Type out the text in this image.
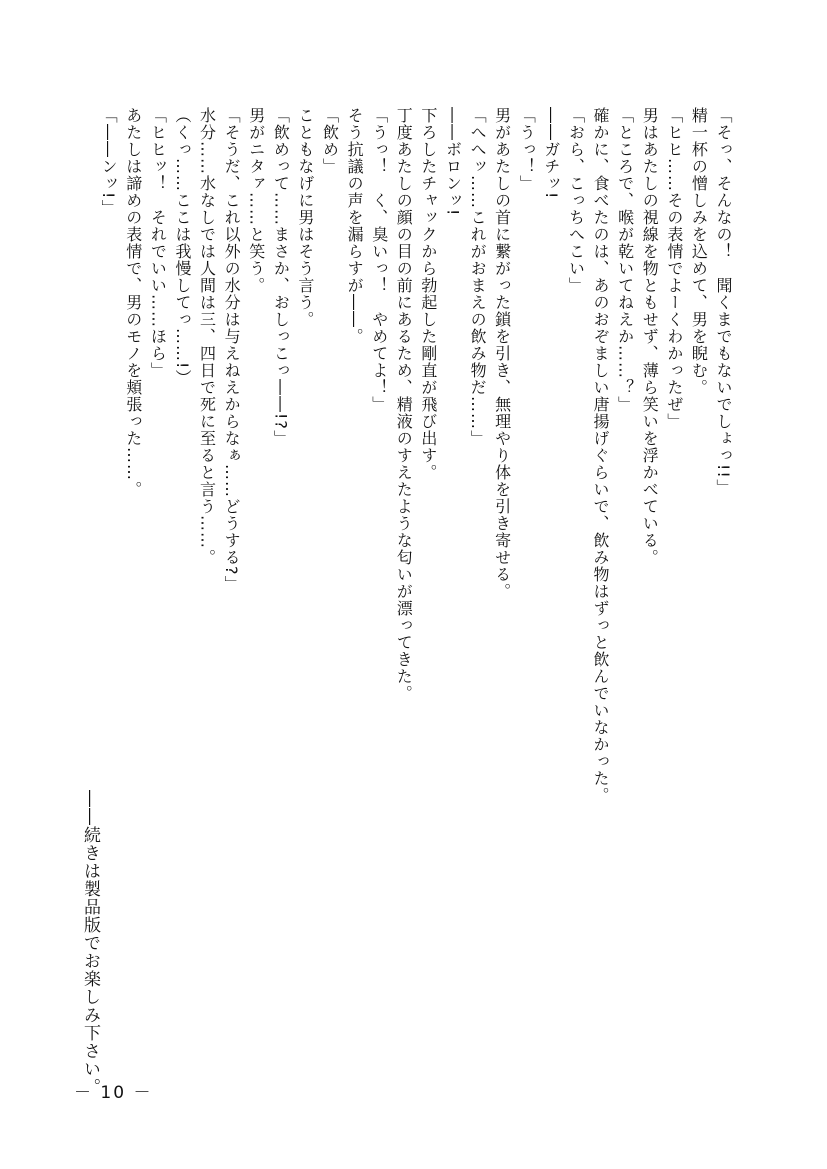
「そっ、そんなの！　聞くまでもないでしょっ!!」
精一杯の憎しみを込めて、男を睨む。
「ヒヒ……その表情でよーくわかったぜ」
男はあたしの視線を物ともせず、薄ら笑いを浮かべている。
「ところで、喉が乾いてねえか……？」
確かに、食べたのは、あのおぞましい唐揚げぐらいで、飲み物はずっと飲んでいなかった。
「おら、こっちへこい」
――ガチッ!
「うっ！」
男があたしの首に繋がった鎖を引き、無理やり体を引き寄せる。
「へへッ……これがおまえの飲み物だ……」
――ボロンッ!
下ろしたチャックから勃起した剛直が飛び出す。
丁度あたしの顔の目の前にあるため、精液のすえたような匂いが漂ってきた。
「うっ！　く、臭いっ！　やめてよ！」
そう抗議の声を漏らすが――。
「飲め」
こともなげに男はそう言う。
「飲めって……まさか、おしっこっ――!?」
男がニタァ……と笑う。
「そうだ、これ以外の水分は与えねえからなぁ……どうする?」
水分……水なしでは人間は三、四日で死に至ると言う……。
（くっ……ここは我慢してっ……!）
「ヒヒッ！　それでいい……ほら」
あたしは諦めの表情で、男のモノを頬張った……。
「――ンッ!」
――続きは製品版でお楽しみ下さい。
－ 10 －
